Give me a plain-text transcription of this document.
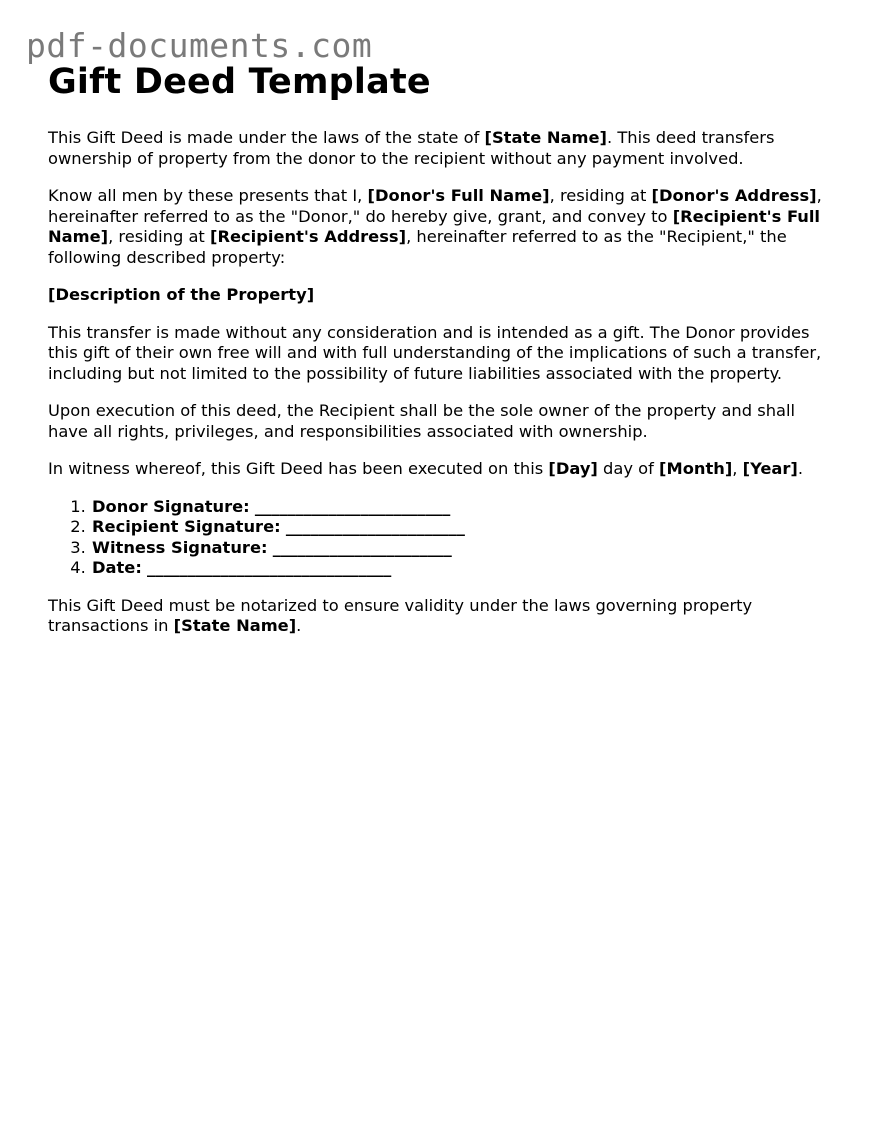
pdf-documents.com
Gift Deed Template

This Gift Deed is made under the laws of the state of [State Name]. This deed transfers ownership of property from the donor to the recipient without any payment involved.

Know all men by these presents that I, [Donor's Full Name], residing at [Donor's Address], hereinafter referred to as the "Donor," do hereby give, grant, and convey to [Recipient's Full Name], residing at [Recipient's Address], hereinafter referred to as the "Recipient," the following described property:

[Description of the Property]

This transfer is made without any consideration and is intended as a gift. The Donor provides this gift of their own free will and with full understanding of the implications of such a transfer, including but not limited to the possibility of future liabilities associated with the property.

Upon execution of this deed, the Recipient shall be the sole owner of the property and shall have all rights, privileges, and responsibilities associated with ownership.

In witness whereof, this Gift Deed has been executed on this [Day] day of [Month], [Year].

1. Donor Signature: ________________________
2. Recipient Signature: ______________________
3. Witness Signature: ______________________
4. Date: ______________________________

This Gift Deed must be notarized to ensure validity under the laws governing property transactions in [State Name].
